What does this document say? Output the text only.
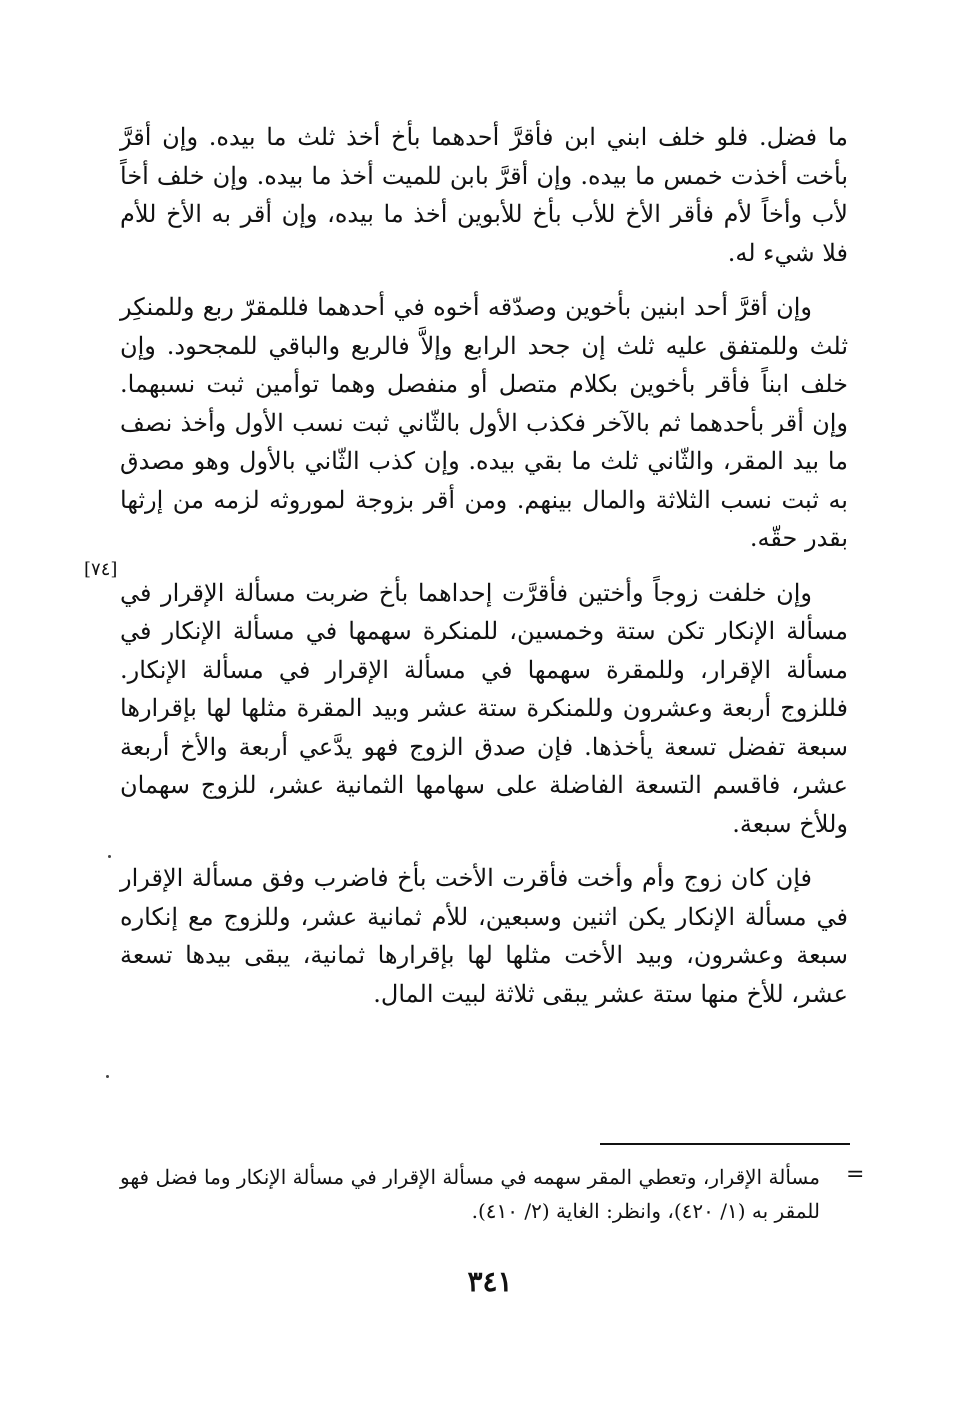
ما فضل. فلو خلف ابني ابن فأقرَّ أحدهما بأخ أخذ ثلث ما بيده. وإن أقرَّ بأخت أخذت خمس ما بيده. وإن أقرَّ بابن للميت أخذ ما بيده. وإن خلف أخاً لأب وأخاً لأم فأقر الأخ للأب بأخ للأبوين أخذ ما بيده، وإن أقر به الأخ للأم فلا شيء له.

وإن أقرَّ أحد ابنين بأخوين وصدّقه أخوه في أحدهما فللمقرّ ربع وللمنكِر ثلث وللمتفق عليه ثلث إن جحد الرابع وإلاَّ فالربع والباقي للمجحود. وإن خلف ابناً فأقر بأخوين بكلام متصل أو منفصل وهما توأمين ثبت نسبهما. وإن أقر بأحدهما ثم بالآخر فكذب الأول بالثّاني ثبت نسب الأول وأخذ نصف ما بيد المقر، والثّاني ثلث ما بقي بيده. وإن كذب الثّاني بالأول وهو مصدق به ثبت نسب الثلاثة والمال بينهم. ومن أقر بزوجة لموروثه لزمه من إرثها بقدر حقّه.

وإن خلفت زوجاً وأختين فأقرَّت إحداهما بأخ ضربت مسألة الإقرار في مسألة الإنكار تكن ستة وخمسين، للمنكرة سهمها في مسألة الإنكار في مسألة الإقرار، وللمقرة سهمها في مسألة الإقرار في مسألة الإنكار. فللزوج أربعة وعشرون وللمنكرة ستة عشر وبيد المقرة مثلها لها بإقرارها سبعة تفضل تسعة يأخذها. فإن صدق الزوج فهو يدَّعي أربعة والأخ أربعة عشر، فاقسم التسعة الفاضلة على سهامها الثمانية عشر، للزوج سهمان وللأخ سبعة.

فإن كان زوج وأم وأخت فأقرت الأخت بأخ فاضرب وفق مسألة الإقرار في مسألة الإنكار يكن اثنين وسبعين، للأم ثمانية عشر، وللزوج مع إنكاره سبعة وعشرون، وبيد الأخت مثلها لها بإقرارها ثمانية، يبقى بيدها تسعة عشر، للأخ منها ستة عشر يبقى ثلاثة لبيت المال.

[٧٤]
=
مسألة الإقرار، وتعطي المقر سهمه في مسألة الإقرار في مسألة الإنكار وما فضل فهو للمقر به (١/ ٤٢٠)، وانظر: الغاية (٢/ ٤١٠).
٣٤١
